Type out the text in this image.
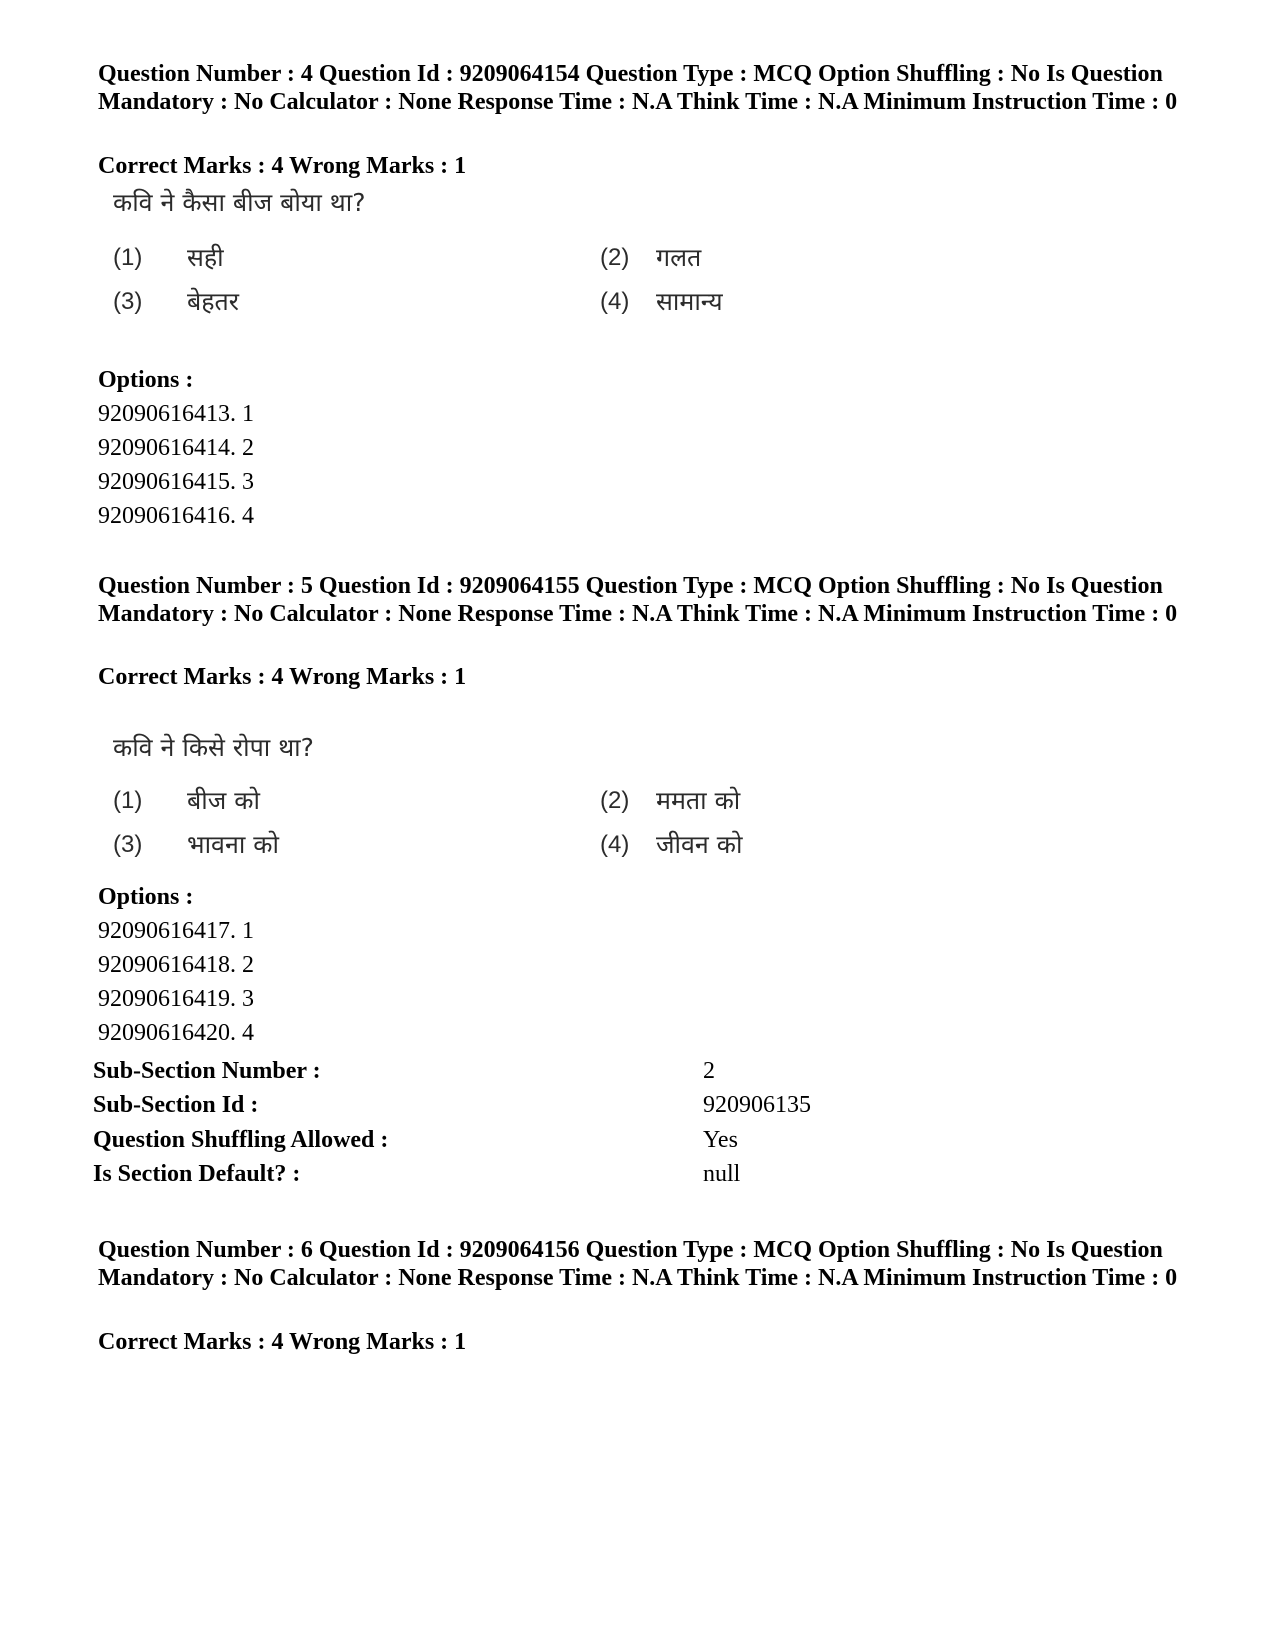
Question Number : 4 Question Id : 9209064154 Question Type : MCQ Option Shuffling : No Is Question Mandatory : No Calculator : None Response Time : N.A Think Time : N.A Minimum Instruction Time : 0
Correct Marks : 4 Wrong Marks : 1
कवि ने कैसा बीज बोया था?
(1) सही	(2) गलत
(3) बेहतर	(4) सामान्य
Options :
92090616413. 1
92090616414. 2
92090616415. 3
92090616416. 4
Question Number : 5 Question Id : 9209064155 Question Type : MCQ Option Shuffling : No Is Question Mandatory : No Calculator : None Response Time : N.A Think Time : N.A Minimum Instruction Time : 0
Correct Marks : 4 Wrong Marks : 1
कवि ने किसे रोपा था?
(1) बीज को	(2) ममता को
(3) भावना को	(4) जीवन को
Options :
92090616417. 1
92090616418. 2
92090616419. 3
92090616420. 4
Sub-Section Number :	2
Sub-Section Id :	920906135
Question Shuffling Allowed :	Yes
Is Section Default? :	null
Question Number : 6 Question Id : 9209064156 Question Type : MCQ Option Shuffling : No Is Question Mandatory : No Calculator : None Response Time : N.A Think Time : N.A Minimum Instruction Time : 0
Correct Marks : 4 Wrong Marks : 1
